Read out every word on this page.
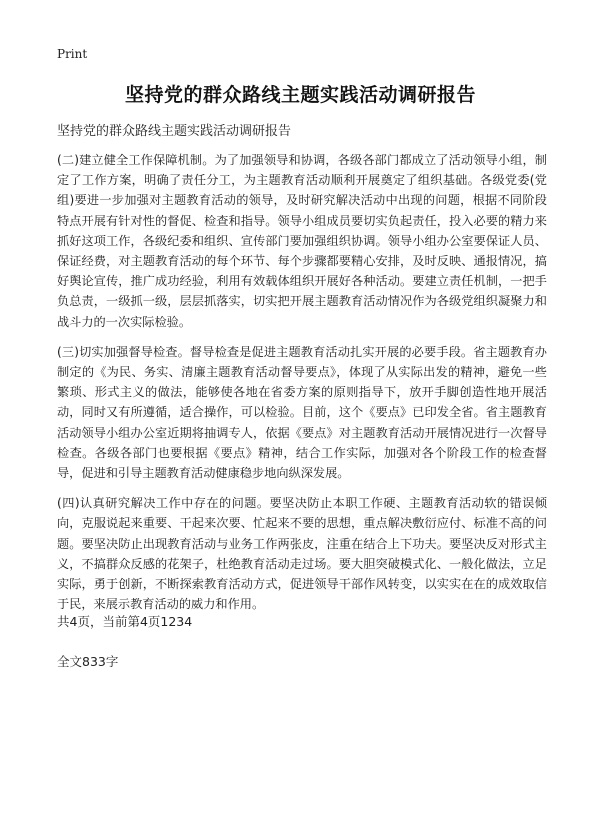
Print
坚持党的群众路线主题实践活动调研报告
坚持党的群众路线主题实践活动调研报告

(二)建立健全工作保障机制。为了加强领导和协调，各级各部门都成立了活动领导小组，制定了工作方案，明确了责任分工，为主题教育活动顺利开展奠定了组织基础。各级党委(党组)要进一步加强对主题教育活动的领导，及时研究解决活动中出现的问题，根据不同阶段特点开展有针对性的督促、检查和指导。领导小组成员要切实负起责任，投入必要的精力来抓好这项工作，各级纪委和组织、宣传部门要加强组织协调。领导小组办公室要保证人员、保证经费，对主题教育活动的每个环节、每个步骤都要精心安排，及时反映、通报情况，搞好舆论宣传，推广成功经验，利用有效载体组织开展好各种活动。要建立责任机制，一把手负总责，一级抓一级，层层抓落实，切实把开展主题教育活动情况作为各级党组织凝聚力和战斗力的一次实际检验。

(三)切实加强督导检查。督导检查是促进主题教育活动扎实开展的必要手段。省主题教育办制定的《为民、务实、清廉主题教育活动督导要点》，体现了从实际出发的精神，避免一些繁琐、形式主义的做法，能够使各地在省委方案的原则指导下，放开手脚创造性地开展活动，同时又有所遵循，适合操作，可以检验。目前，这个《要点》已印发全省。省主题教育活动领导小组办公室近期将抽调专人，依据《要点》对主题教育活动开展情况进行一次督导检查。各级各部门也要根据《要点》精神，结合工作实际，加强对各个阶段工作的检查督导，促进和引导主题教育活动健康稳步地向纵深发展。

(四)认真研究解决工作中存在的问题。要坚决防止本职工作硬、主题教育活动软的错误倾向，克服说起来重要、干起来次要、忙起来不要的思想，重点解决敷衍应付、标准不高的问题。要坚决防止出现教育活动与业务工作两张皮，注重在结合上下功夫。要坚决反对形式主义，不搞群众反感的花架子，杜绝教育活动走过场。要大胆突破模式化、一般化做法，立足实际，勇于创新，不断探索教育活动方式，促进领导干部作风转变，以实实在在的成效取信于民，来展示教育活动的威力和作用。

共4页，当前第4页1234
全文833字
